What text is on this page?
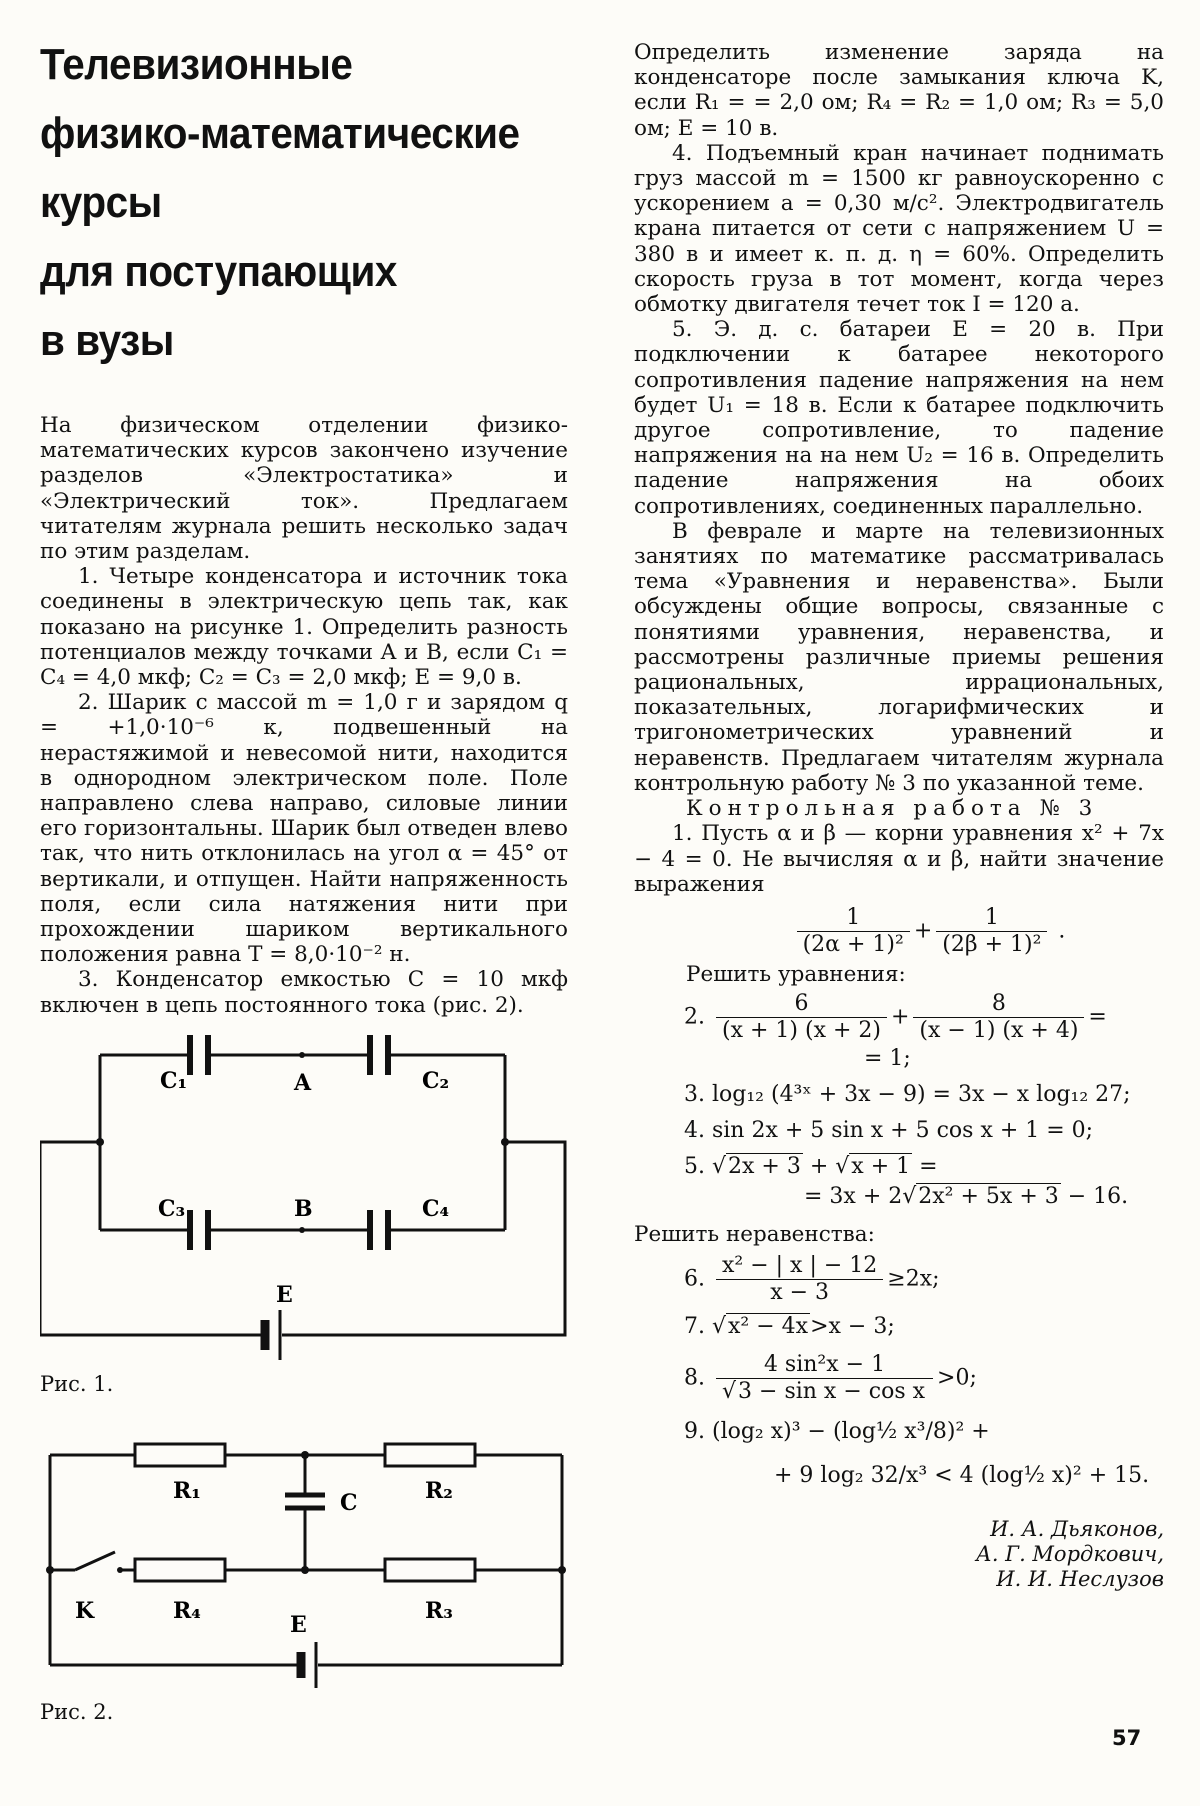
Телевизионные
физико-математические
курсы
для поступающих
в вузы

На физическом отделении физико-математических курсов закончено изучение разделов «Электростатика» и «Электрический ток». Предлагаем читателям журнала решить несколько задач по этим разделам.

1. Четыре конденсатора и источник тока соединены в электрическую цепь так, как показано на рисунке 1. Определить разность потенциалов между точками A и B, если C₁ = C₄ = 4,0 мкф; C₂ = C₃ = 2,0 мкф; E = 9,0 в.

2. Шарик с массой m = 1,0 г и зарядом q = +1,0·10⁻⁶ к, подвешенный на нерастяжимой и невесомой нити, находится в однородном электрическом поле. Поле направлено слева направо, силовые линии его горизонтальны. Шарик был отведен влево так, что нить отклонилась на угол α = 45° от вертикали, и отпущен. Найти напряженность поля, если сила натяжения нити при прохождении шариком вертикального положения равна T = 8,0·10⁻² н.

3. Конденсатор емкостью C = 10 мкф включен в цепь постоянного тока (рис. 2).

C₁	A	C₂
C₃	B	C₄
E
Рис. 1.
R₁	C	R₂
K	R₄	R₃
E
Рис. 2.

Определить изменение заряда на конденсаторе после замыкания ключа K, если R₁ = = 2,0 ом; R₄ = R₂ = 1,0 ом; R₃ = 5,0 ом; E = 10 в.

4. Подъемный кран начинает поднимать груз массой m = 1500 кг равноускоренно с ускорением a = 0,30 м/с². Электродвигатель крана питается от сети с напряжением U = 380 в и имеет к. п. д. η = 60%. Определить скорость груза в тот момент, когда через обмотку двигателя течет ток I = 120 а.

5. Э. д. с. батареи E = 20 в. При подключении к батарее некоторого сопротивления падение напряжения на нем будет U₁ = 18 в. Если к батарее подключить другое сопротивление, то падение напряжения на на нем U₂ = 16 в. Определить падение напряжения на обоих сопротивлениях, соединенных параллельно.

В феврале и марте на телевизионных занятиях по математике рассматривалась тема «Уравнения и неравенства». Были обсуждены общие вопросы, связанные с понятиями уравнения, неравенства, и рассмотрены различные приемы решения рациональных, иррациональных, показательных, логарифмических и тригонометрических уравнений и неравенств. Предлагаем читателям журнала контрольную работу № 3 по указанной теме.

Контрольная работа № 3

1. Пусть α и β — корни уравнения x² + 7x − 4 = 0. Не вычисляя α и β, найти значение выражения

$\frac{1}{\text{(2α + 1)²}} + \frac{1}{\text{(2β + 1)²}}$ .

Решить уравнения:

2. $\frac{6}{(x + 1) (x + 2)} + \frac{8}{(x - 1) (x + 4)}$ =
= 1;

3. log₁₂ (4³ˣ + 3x − 9) = 3x − x log₁₂ 27;

4. sin 2x + 5 sin x + 5 cos x + 1 = 0;

5. √2x + 3 + √x + 1 =
= 3x + 2√2x² + 5x + 3 − 16.

Решить неравенства:

6. $\frac{\text{x² − | x | − 12}}{x - 3} \ge 2x$;
7. √x² − 4x>x − 3;
8. $\frac{\text{4 sin²x − 1}}{\text{√3 − sin x − cos x}} >0$;

9. (log₂ x)³ − (log½ x³/8)² +

+ 9 log₂ 32/x³ < 4 (log½ x)² + 15.

И. А. Дьяконов,
А. Г. Мордкович,
И. И. Нeслузов
57
